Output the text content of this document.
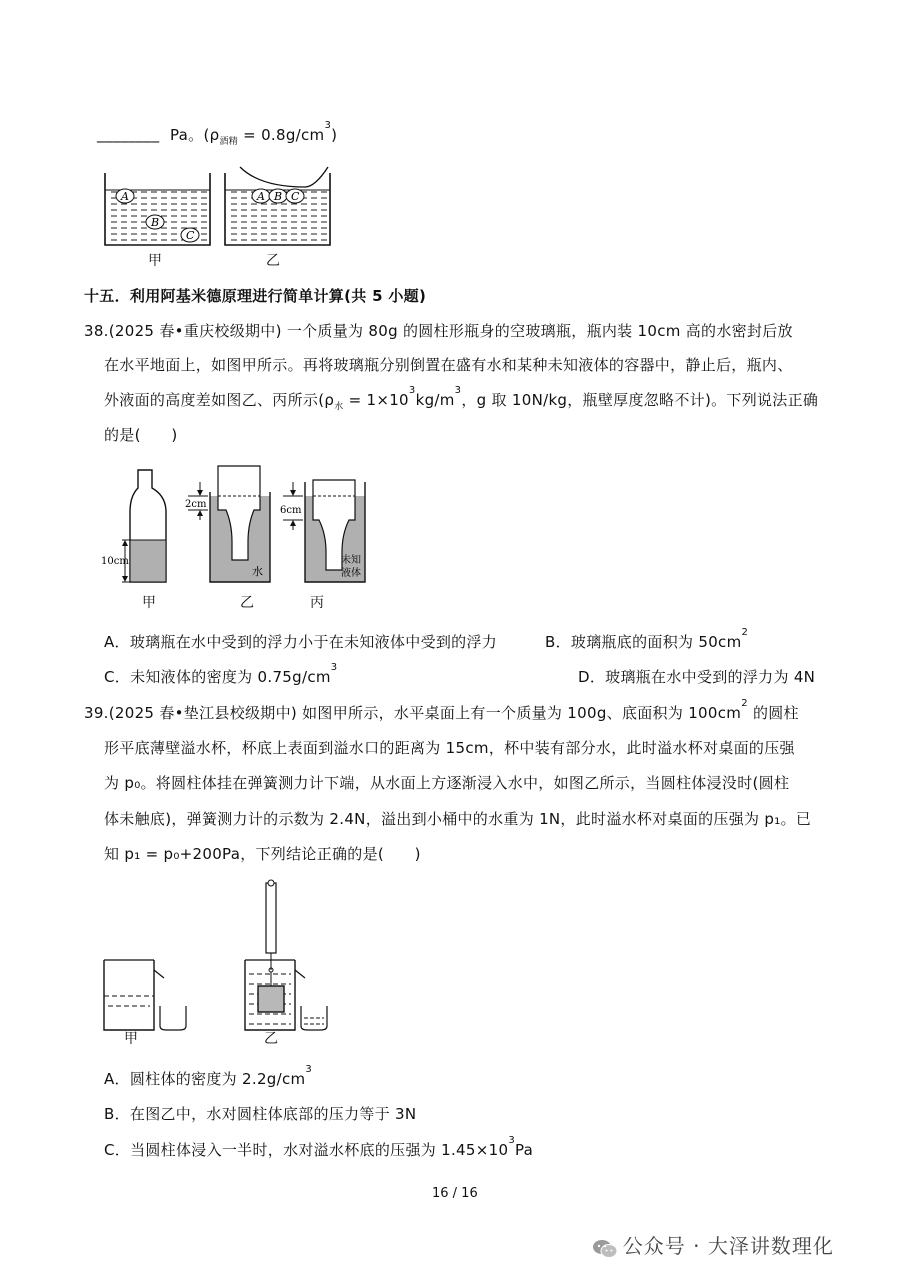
________ Pa。$(\rho_{酒精} = 0.8g/cm^3)$
A
B
C
A B C
甲	乙
十五．利用阿基米德原理进行简单计算(共 5 小题)
38.(2025 春•重庆校级期中) 一个质量为 80g 的圆柱形瓶身的空玻璃瓶，瓶内装 10cm 高的水密封后放
在水平地面上，如图甲所示。再将玻璃瓶分别倒置在盛有水和某种未知液体的容器中，静止后，瓶内、
外液面的高度差如图乙、丙所示($\rho_水 = 1\times 10^3kg/m^3$，g 取 10N/kg，瓶壁厚度忽略不计)。下列说法正确
的是(　　)
10cm
2cm
水
6cm
未知
液体
甲	乙	丙
A．玻璃瓶在水中受到的浮力小于在未知液体中受到的浮力	B．玻璃瓶底的面积为 $50cm^2$
C．未知液体的密度为 $0.75g/cm^3$
D．玻璃瓶在水中受到的浮力为 4N
39.(2025 春•垫江县校级期中) 如图甲所示，水平桌面上有一个质量为 100g、底面积为 $100cm^2$ 的圆柱
形平底薄壁溢水杯，杯底上表面到溢水口的距离为 15cm，杯中装有部分水，此时溢水杯对桌面的压强
为 p₀。将圆柱体挂在弹簧测力计下端，从水面上方逐渐浸入水中，如图乙所示，当圆柱体浸没时(圆柱
体未触底)，弹簧测力计的示数为 2.4N，溢出到小桶中的水重为 1N，此时溢水杯对桌面的压强为 p₁。已
知 p₁ = p₀+200Pa，下列结论正确的是(　　)
甲	乙
A．圆柱体的密度为 $2.2g/cm^3$
B．在图乙中，水对圆柱体底部的压力等于 3N
C．当圆柱体浸入一半时，水对溢水杯底的压强为 $1.45\times 10^3Pa$
16 / 16
公众号 · 大泽讲数理化
